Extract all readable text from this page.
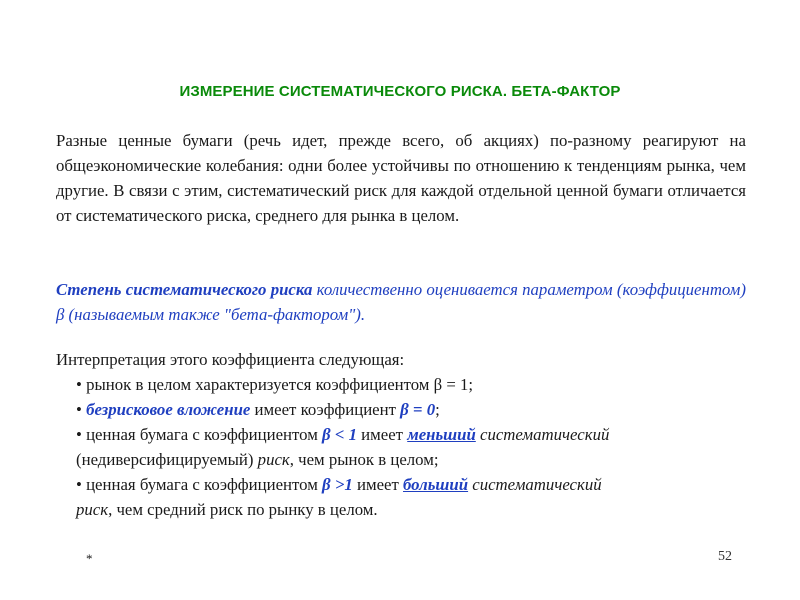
ИЗМЕРЕНИЕ СИСТЕМАТИЧЕСКОГО РИСКА. БЕТА-ФАКТОР
Разные ценные бумаги (речь идет, прежде всего, об акциях) по-разному реагируют на общеэкономические колебания: одни более устойчивы по отношению к тенденциям рынка, чем другие. В связи с этим, систематический риск для каждой отдельной ценной бумаги отличается от систематического риска, среднего для рынка в целом.
Степень систематического риска количественно оценивается параметром (коэффициентом) β (называемым также "бета-фактором").
Интерпретация этого коэффициента следующая:
• рынок в целом характеризуется коэффициентом β = 1;
• безрисковое вложение имеет коэффициент β = 0;
• ценная бумага с коэффициентом β < 1 имеет меньший систематический
(недиверсифицируемый) риск, чем рынок в целом;
• ценная бумага с коэффициентом β >1 имеет больший систематический
риск, чем средний риск по рынку в целом.
*	52
